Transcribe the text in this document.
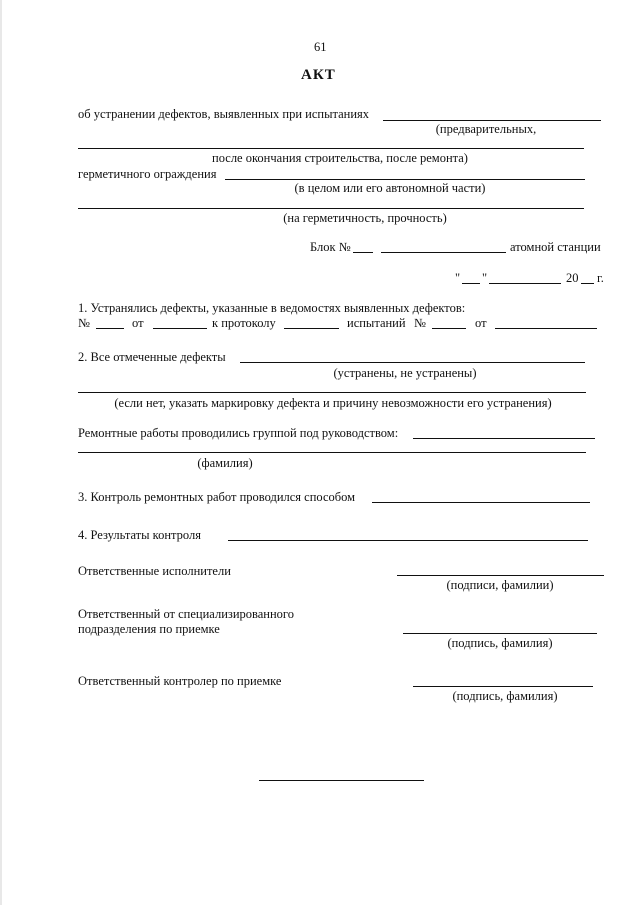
61
АКТ
об устранении дефектов, выявленных при испытаниях
(предварительных,
после окончания строительства, после ремонта)
герметичного ограждения
(в целом или его автономной части)
(на герметичность, прочность)
Блок №	атомной станции
" "	20 г.
1. Устранялись дефекты, указанные в ведомостях выявленных дефектов:
№	от	к протоколу	испытаний №	от
2. Все отмеченные дефекты
(устранены, не устранены)
(если нет, указать маркировку дефекта и причину невозможности его устранения)
Ремонтные работы проводились группой под руководством:
(фамилия)
3. Контроль ремонтных работ проводился способом
4. Результаты контроля
Ответственные исполнители
(подписи, фамилии)
Ответственный от специализированного
подразделения по приемке
(подпись, фамилия)
Ответственный контролер по приемке
(подпись, фамилия)
